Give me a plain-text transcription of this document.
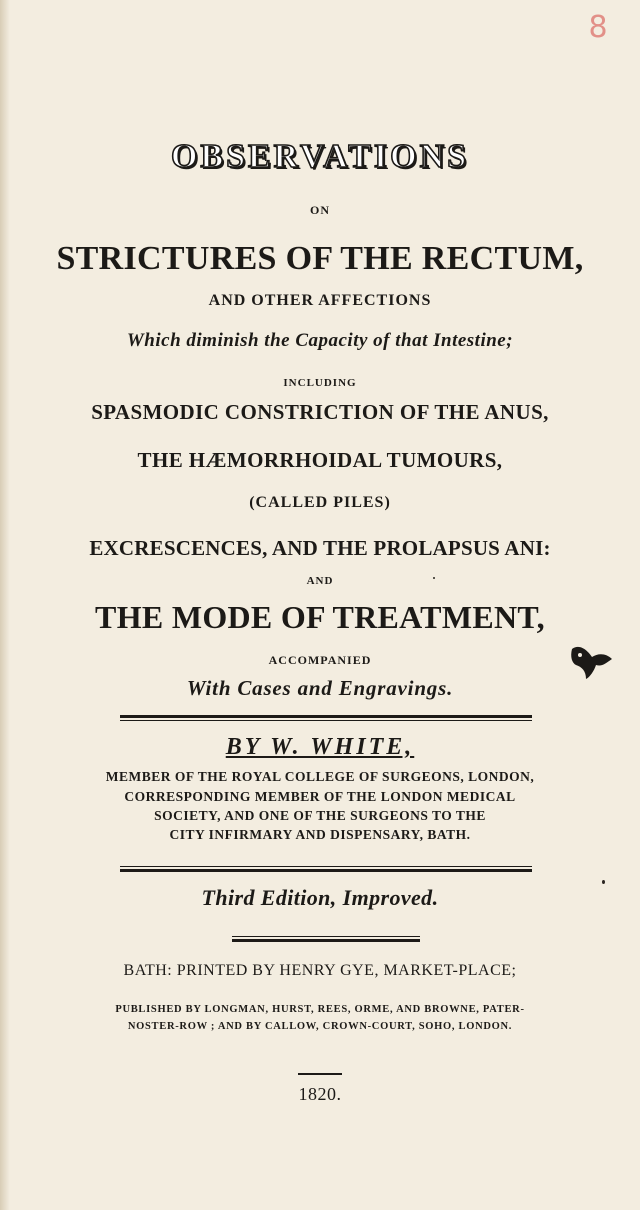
8
OBSERVATIONS
ON
STRICTURES OF THE RECTUM,
AND OTHER AFFECTIONS
Which diminish the Capacity of that Intestine;
INCLUDING
SPASMODIC CONSTRICTION OF THE ANUS,
THE HÆMORRHOIDAL TUMOURS,
(CALLED PILES)
EXCRESCENCES, AND THE PROLAPSUS ANI:
AND
THE MODE OF TREATMENT,
ACCOMPANIED
With Cases and Engravings.
BY W. WHITE,
MEMBER OF THE ROYAL COLLEGE OF SURGEONS, LONDON,
CORRESPONDING MEMBER OF THE LONDON MEDICAL
SOCIETY, AND ONE OF THE SURGEONS TO THE
CITY INFIRMARY AND DISPENSARY, BATH.
Third Edition, Improved.
BATH: PRINTED BY HENRY GYE, MARKET-PLACE;
PUBLISHED BY LONGMAN, HURST, REES, ORME, AND BROWNE, PATER-
NOSTER-ROW ; AND BY CALLOW, CROWN-COURT, SOHO, LONDON.
1820.
